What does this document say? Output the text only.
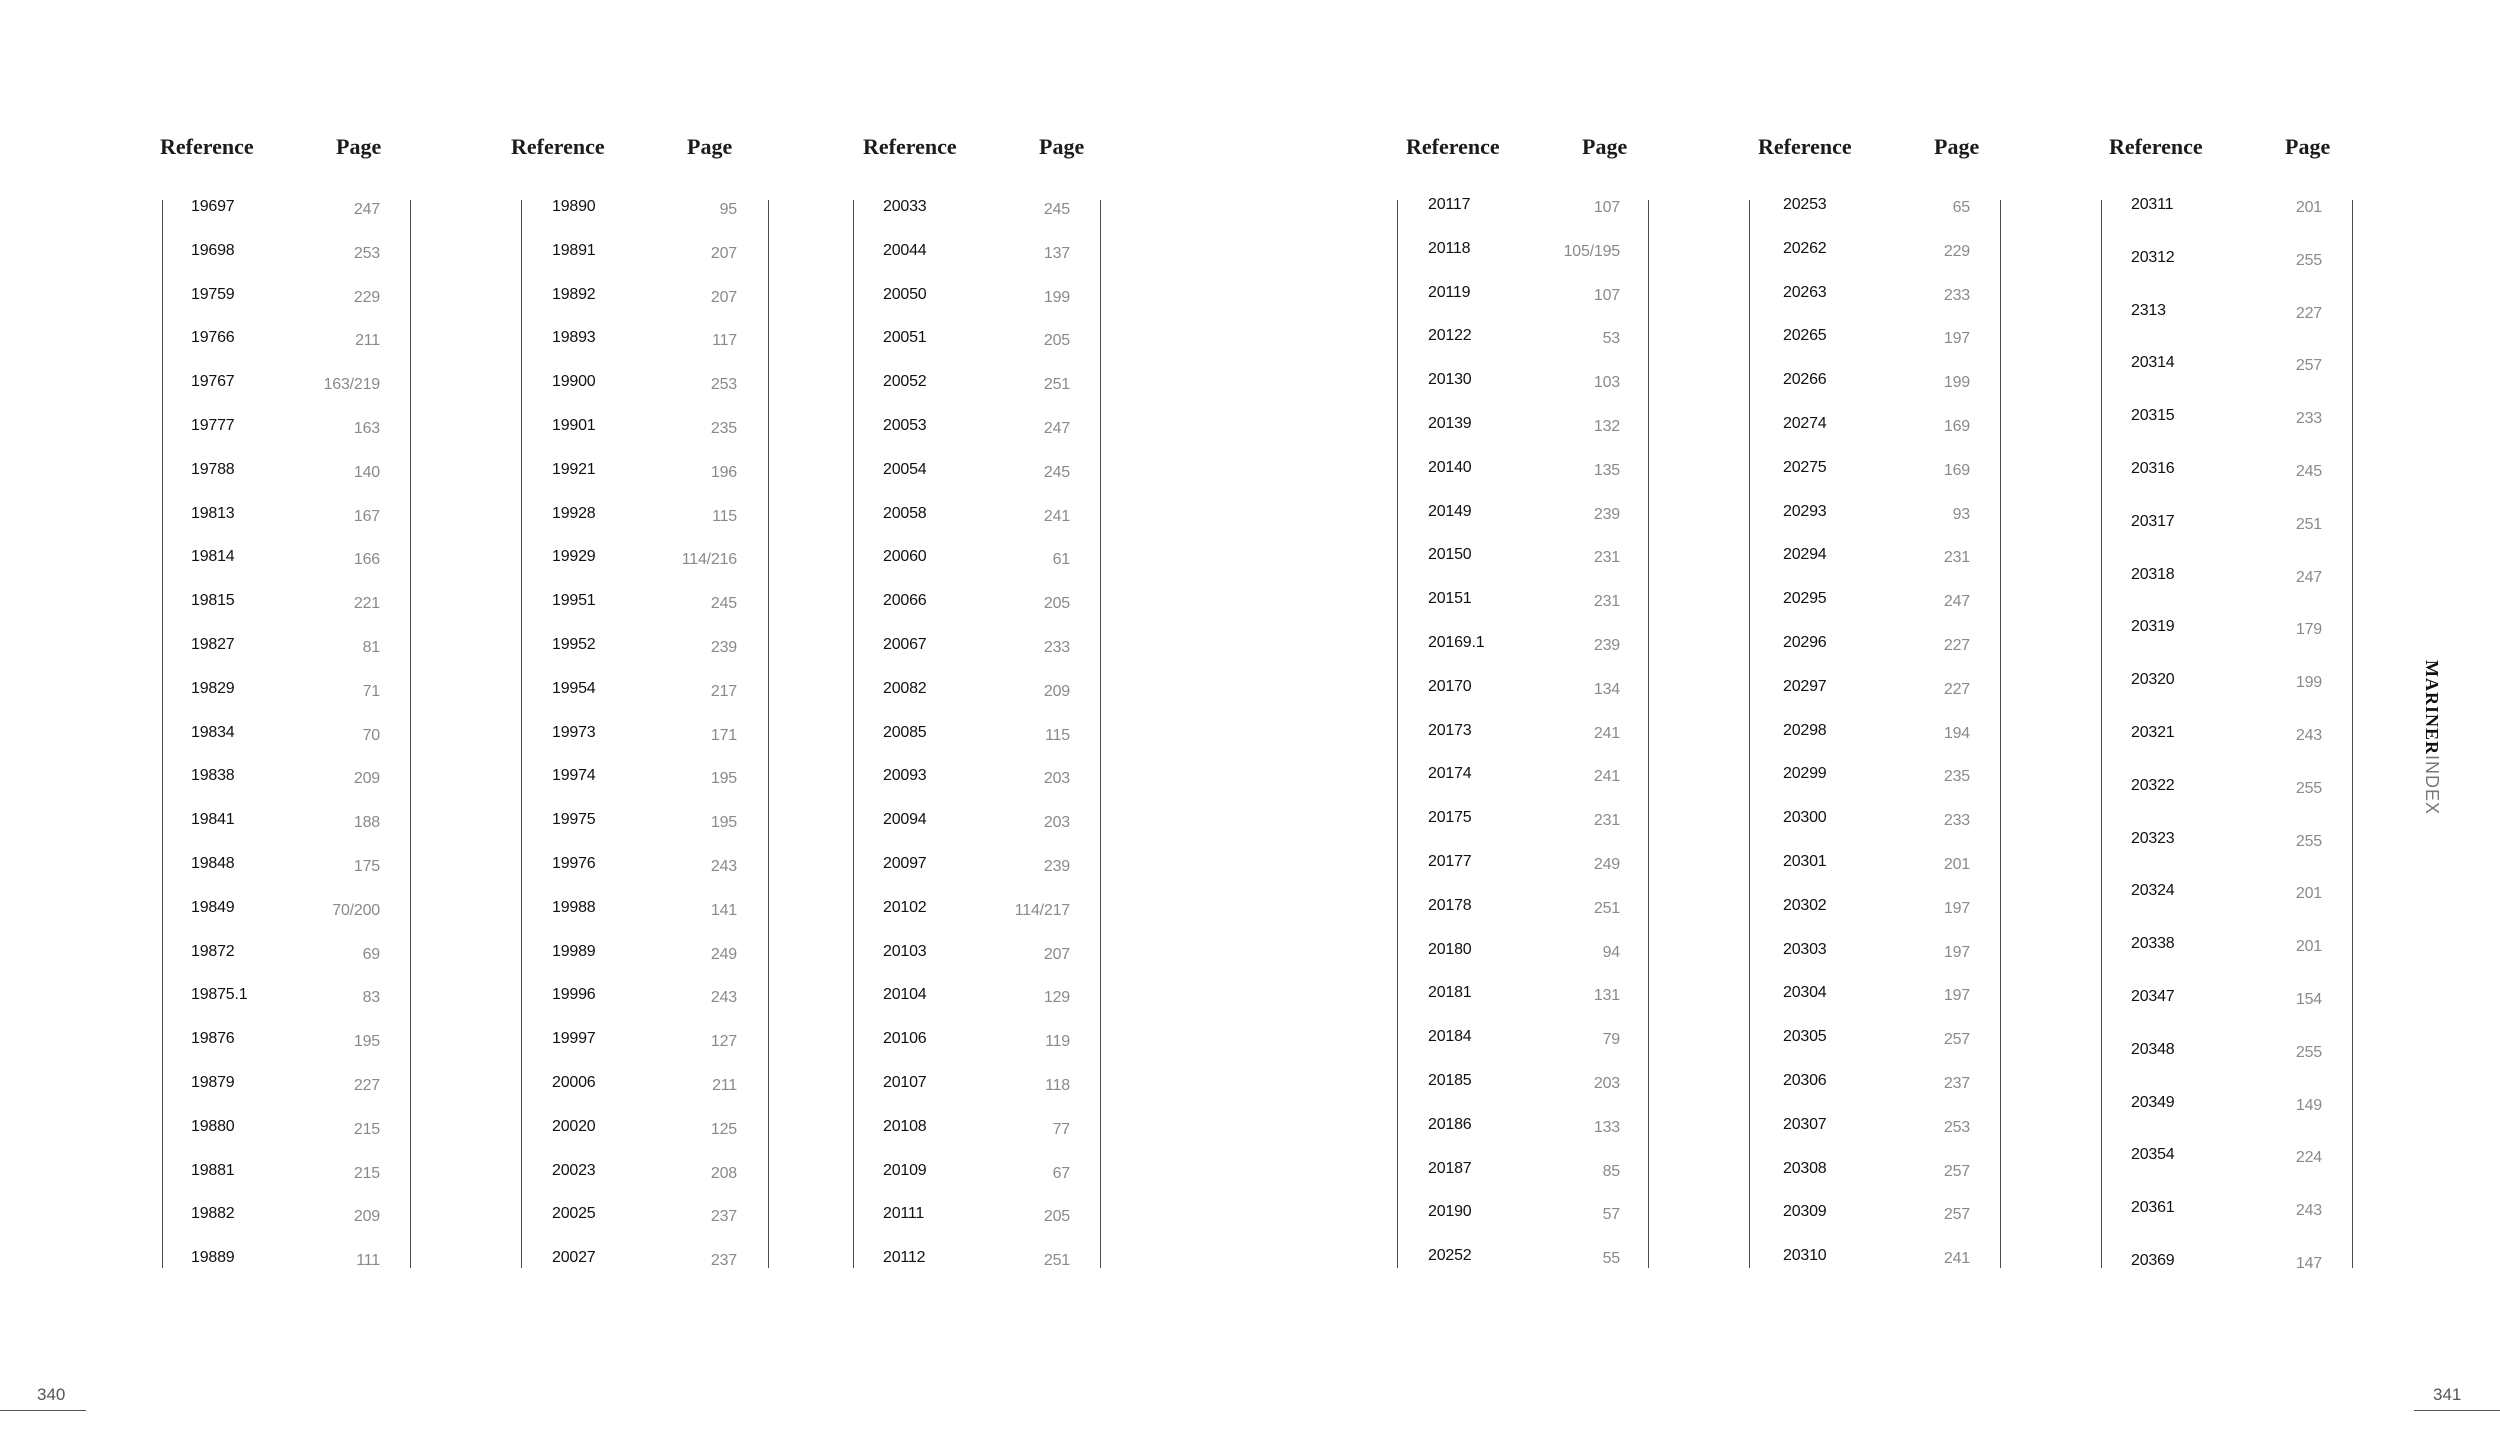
Reference	Page
19697	247
19698	253
19759	229
19766	211
19767	163/219
19777	163
19788	140
19813	167
19814	166
19815	221
19827	81
19829	71
19834	70
19838	209
19841	188
19848	175
19849	70/200
19872	69
19875.1	83
19876	195
19879	227
19880	215
19881	215
19882	209
19889	111
Reference	Page
19890	95
19891	207
19892	207
19893	117
19900	253
19901	235
19921	196
19928	115
19929	114/216
19951	245
19952	239
19954	217
19973	171
19974	195
19975	195
19976	243
19988	141
19989	249
19996	243
19997	127
20006	211
20020	125
20023	208
20025	237
20027	237
Reference	Page
20033	245
20044	137
20050	199
20051	205
20052	251
20053	247
20054	245
20058	241
20060	61
20066	205
20067	233
20082	209
20085	115
20093	203
20094	203
20097	239
20102	114/217
20103	207
20104	129
20106	119
20107	118
20108	77
20109	67
20111	205
20112	251
Reference	Page
20117	107
20118	105/195
20119	107
20122	53
20130	103
20139	132
20140	135
20149	239
20150	231
20151	231
20169.1	239
20170	134
20173	241
20174	241
20175	231
20177	249
20178	251
20180	94
20181	131
20184	79
20185	203
20186	133
20187	85
20190	57
20252	55
Reference	Page
20253	65
20262	229
20263	233
20265	197
20266	199
20274	169
20275	169
20293	93
20294	231
20295	247
20296	227
20297	227
20298	194
20299	235
20300	233
20301	201
20302	197
20303	197
20304	197
20305	257
20306	237
20307	253
20308	257
20309	257
20310	241
Reference	Page
20311	201
20312	255
2313	227
20314	257
20315	233
20316	245
20317	251
20318	247
20319	179
20320	199
20321	243
20322	255
20323	255
20324	201
20338	201
20347	154
20348	255
20349	149
20354	224
20361	243
20369	147
MARINERINDEX
340	341
